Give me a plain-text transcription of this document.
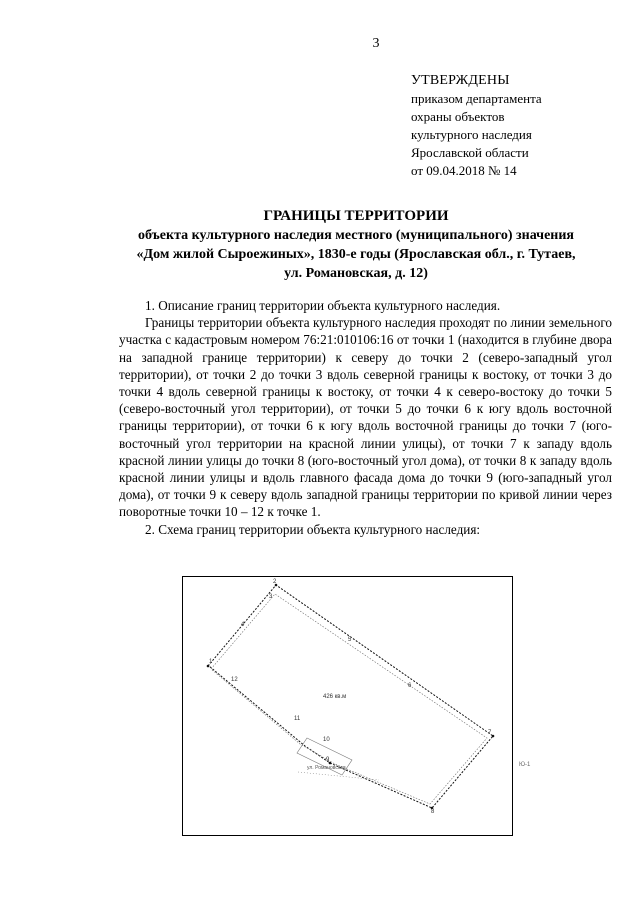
3
УТВЕРЖДЕНЫ
приказом департамента
охраны объектов
культурного наследия
Ярославской области
от 09.04.2018 № 14
ГРАНИЦЫ ТЕРРИТОРИИ
объекта культурного наследия местного (муниципального) значения
«Дом жилой Сыроежиных», 1830-е годы (Ярославская обл., г. Тутаев,
ул. Романовская, д. 12)

1. Описание границ территории объекта культурного наследия.

Границы территории объекта культурного наследия проходят по линии земельного участка с кадастровым номером 76:21:010106:16 от точки 1 (находится в глубине двора на западной границе территории) к северу до точки 2 (северо-западный угол территории), от точки 2 до точки 3 вдоль северной границы к востоку, от точки 3 до точки 4 вдоль северной границы к востоку, от точки 4 к северо-востоку до точки 5 (северо-восточный угол территории), от точки 5 до точки 6 к югу вдоль восточной границы территории), от точки 6 к югу вдоль восточной границы до точки 7 (юго-восточный угол территории на красной линии улицы), от точки 7 к западу вдоль красной линии улицы до точки 8 (юго-восточный угол дома), от точки 8 к западу вдоль красной линии улицы и вдоль главного фасада дома до точки 9 (юго-западный угол дома), от точки 9 к северу вдоль западной границы территории по кривой линии через поворотные точки 10 – 12 к точке 1.

2. Схема границ территории объекта культурного наследия:

1
2
3
4
5
6
7
8
9
10
11
12
426 кв.м
ул. Романовская	Ю-1
